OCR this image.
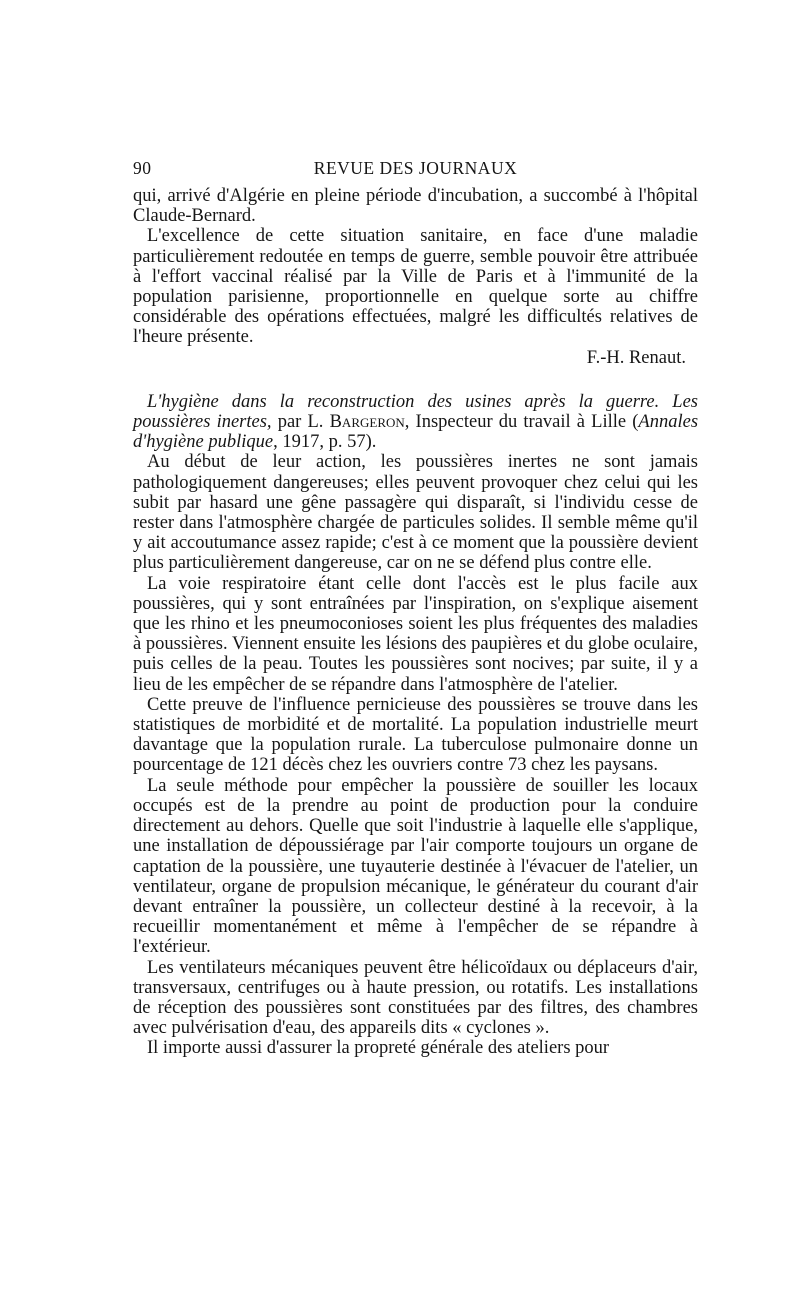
90	REVUE DES JOURNAUX

qui, arrivé d'Algérie en pleine période d'incubation, a succombé à l'hôpital Claude-Bernard.

L'excellence de cette situation sanitaire, en face d'une maladie particulièrement redoutée en temps de guerre, semble pouvoir être attribuée à l'effort vaccinal réalisé par la Ville de Paris et à l'immunité de la population parisienne, proportionnelle en quelque sorte au chiffre considérable des opérations effectuées, malgré les difficultés relatives de l'heure présente.

F.-H. Renaut.

L'hygiène dans la reconstruction des usines après la guerre. Les poussières inertes, par L. Bargeron, Inspecteur du travail à Lille (Annales d'hygiène publique, 1917, p. 57).

Au début de leur action, les poussières inertes ne sont jamais pathologiquement dangereuses; elles peuvent provoquer chez celui qui les subit par hasard une gêne passagère qui disparaît, si l'individu cesse de rester dans l'atmosphère chargée de particules solides. Il semble même qu'il y ait accoutumance assez rapide; c'est à ce moment que la poussière devient plus particulièrement dangereuse, car on ne se défend plus contre elle.

La voie respiratoire étant celle dont l'accès est le plus facile aux poussières, qui y sont entraînées par l'inspiration, on s'explique aisement que les rhino et les pneumoconioses soient les plus fréquentes des maladies à poussières. Viennent ensuite les lésions des paupières et du globe oculaire, puis celles de la peau. Toutes les poussières sont nocives; par suite, il y a lieu de les empêcher de se répandre dans l'atmosphère de l'atelier.

Cette preuve de l'influence pernicieuse des poussières se trouve dans les statistiques de morbidité et de mortalité. La population industrielle meurt davantage que la population rurale. La tuberculose pulmonaire donne un pourcentage de 121 décès chez les ouvriers contre 73 chez les paysans.

La seule méthode pour empêcher la poussière de souiller les locaux occupés est de la prendre au point de production pour la conduire directement au dehors. Quelle que soit l'industrie à laquelle elle s'applique, une installation de dépoussiérage par l'air comporte toujours un organe de captation de la poussière, une tuyauterie destinée à l'évacuer de l'atelier, un ventilateur, organe de propulsion mécanique, le générateur du courant d'air devant entraîner la poussière, un collecteur destiné à la recevoir, à la recueillir momentanément et même à l'empêcher de se répandre à l'extérieur.

Les ventilateurs mécaniques peuvent être hélicoïdaux ou déplaceurs d'air, transversaux, centrifuges ou à haute pression, ou rotatifs. Les installations de réception des poussières sont constituées par des filtres, des chambres avec pulvérisation d'eau, des appareils dits « cyclones ».

Il importe aussi d'assurer la propreté générale des ateliers pour
